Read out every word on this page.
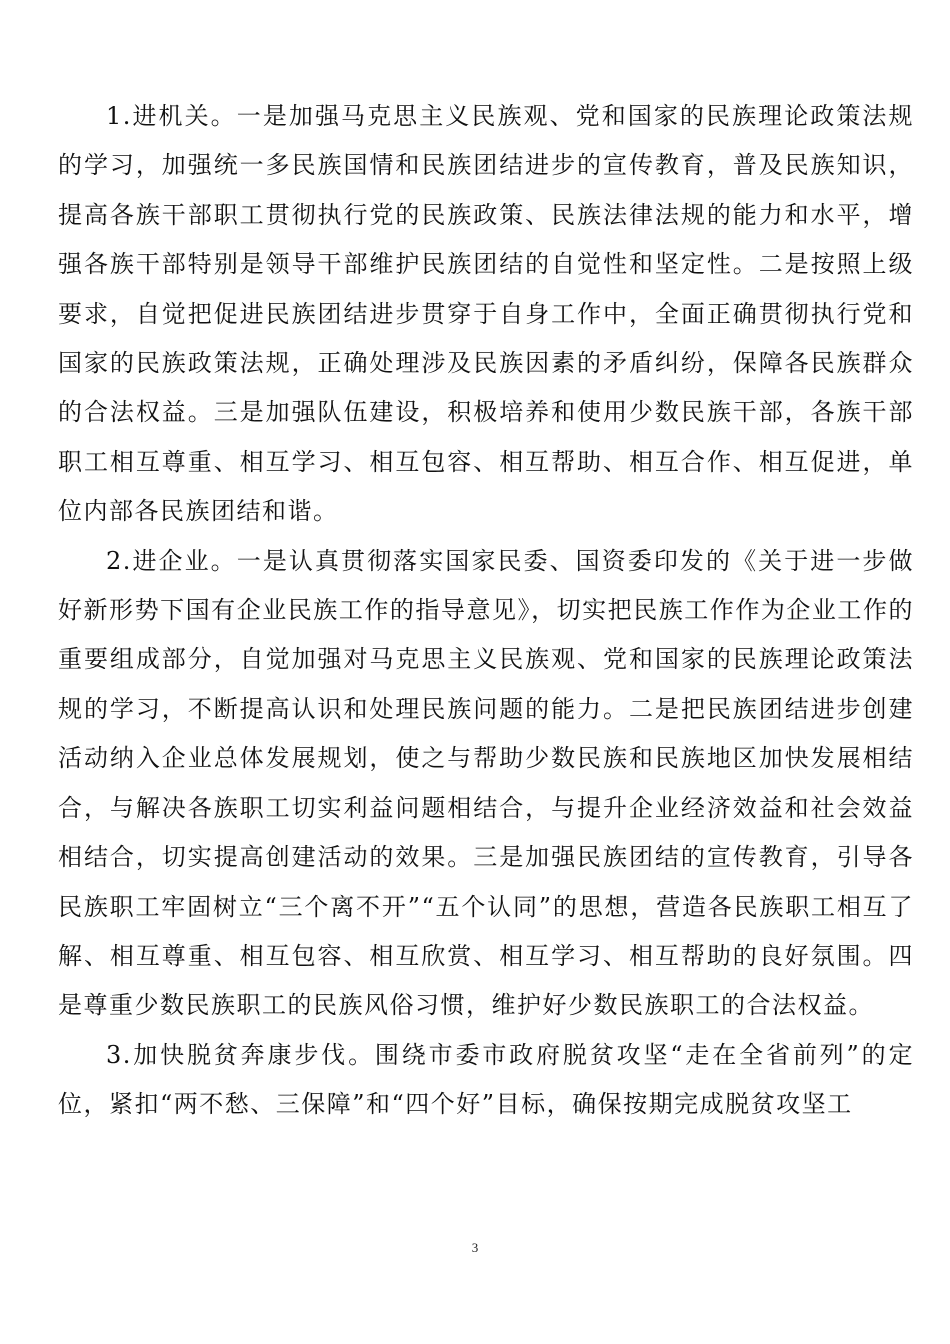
1.进机关。一是加强马克思主义民族观、党和国家的民族理论政策法规的学习，加强统一多民族国情和民族团结进步的宣传教育，普及民族知识，提高各族干部职工贯彻执行党的民族政策、民族法律法规的能力和水平，增强各族干部特别是领导干部维护民族团结的自觉性和坚定性。二是按照上级要求，自觉把促进民族团结进步贯穿于自身工作中，全面正确贯彻执行党和国家的民族政策法规，正确处理涉及民族因素的矛盾纠纷，保障各民族群众的合法权益。三是加强队伍建设，积极培养和使用少数民族干部，各族干部职工相互尊重、相互学习、相互包容、相互帮助、相互合作、相互促进，单位内部各民族团结和谐。

2.进企业。一是认真贯彻落实国家民委、国资委印发的《关于进一步做好新形势下国有企业民族工作的指导意见》，切实把民族工作作为企业工作的重要组成部分，自觉加强对马克思主义民族观、党和国家的民族理论政策法规的学习，不断提高认识和处理民族问题的能力。二是把民族团结进步创建活动纳入企业总体发展规划，使之与帮助少数民族和民族地区加快发展相结合，与解决各族职工切实利益问题相结合，与提升企业经济效益和社会效益相结合，切实提高创建活动的效果。三是加强民族团结的宣传教育，引导各民族职工牢固树立“三个离不开”“五个认同”的思想，营造各民族职工相互了解、相互尊重、相互包容、相互欣赏、相互学习、相互帮助的良好氛围。四是尊重少数民族职工的民族风俗习惯，维护好少数民族职工的合法权益。

3.加快脱贫奔康步伐。围绕市委市政府脱贫攻坚“走在全省前列”的定位，紧扣“两不愁、三保障”和“四个好”目标，确保按期完成脱贫攻坚工

3
